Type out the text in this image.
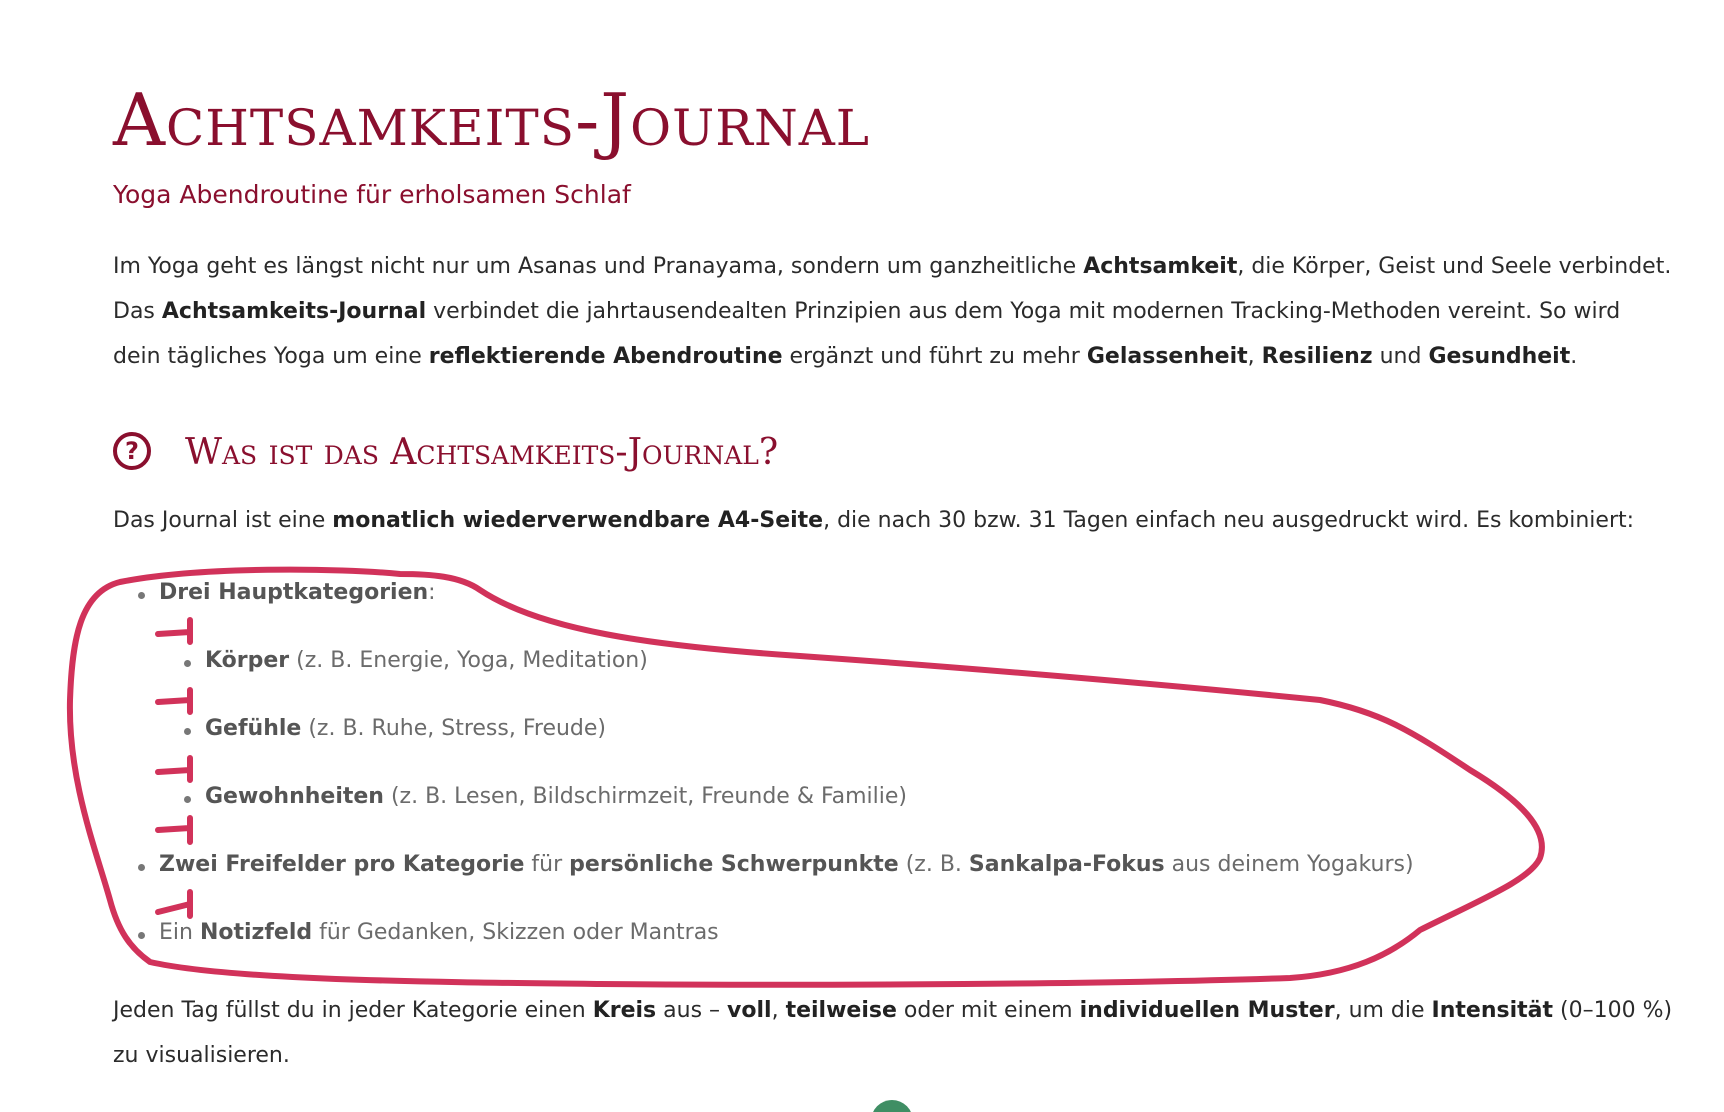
Achtsamkeits-Journal
Yoga Abendroutine für erholsamen Schlaf

Im Yoga geht es längst nicht nur um Asanas und Pranayama, sondern um ganzheitliche Achtsamkeit, die Körper, Geist und Seele verbindet. Das Achtsamkeits-Journal verbindet die jahrtausendealten Prinzipien aus dem Yoga mit modernen Tracking-Methoden vereint. So wird dein tägliches Yoga um eine reflektierende Abendroutine ergänzt und führt zu mehr Gelassenheit, Resilienz und Gesundheit.

?	Was ist das Achtsamkeits-Journal?

Das Journal ist eine monatlich wiederverwendbare A4-Seite, die nach 30 bzw. 31 Tagen einfach neu ausgedruckt wird. Es kombiniert:

Drei Hauptkategorien:
Körper (z. B. Energie, Yoga, Meditation)
Gefühle (z. B. Ruhe, Stress, Freude)
Gewohnheiten (z. B. Lesen, Bildschirmzeit, Freunde & Familie)
Zwei Freifelder pro Kategorie für persönliche Schwerpunkte (z. B. Sankalpa-Fokus aus deinem Yogakurs)
Ein Notizfeld für Gedanken, Skizzen oder Mantras

Jeden Tag füllst du in jeder Kategorie einen Kreis aus – voll, teilweise oder mit einem individuellen Muster, um die Intensität (0–100 %) zu visualisieren.
